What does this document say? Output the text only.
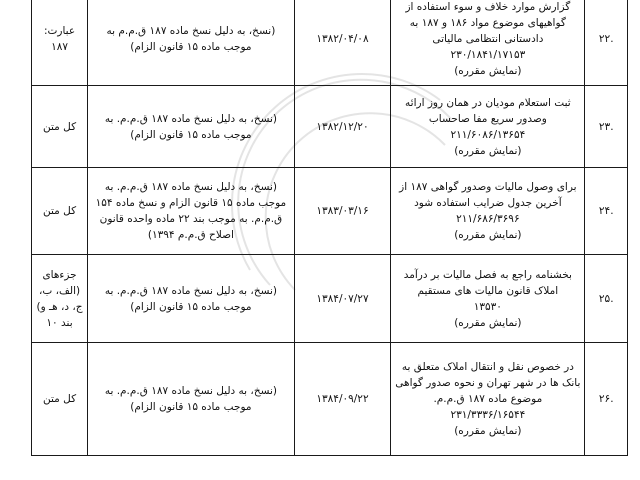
.۲۲	گزارش موارد خلاف و سوء استفاده از
گواهیهای موضوع مواد ۱۸۶ و ۱۸۷ به
دادستانی انتظامی مالیاتی
۲۳۰/۱۸۴۱/۱۷۱۵۳
(نمایش مقرره)	۱۳۸۲/۰۴/۰۸	(نسخ، به دلیل نسخ ماده ۱۸۷ ق.م.م به موجب ماده ۱۵ قانون الزام)	عبارت: ۱۸۷
.۲۳	ثبت استعلام مودیان در همان روز ارائه
وصدور سریع مفا صاحساب
۲۱۱/۶۰۸۶/۱۳۶۵۴
(نمایش مقرره)	۱۳۸۲/۱۲/۲۰	(نسخ، به دلیل نسخ ماده ۱۸۷ ق.م.م. به موجب ماده ۱۵ قانون الزام)	کل متن
.۲۴	برای وصول مالیات وصدور گواهی ۱۸۷ از
آخرین جدول ضرایب استفاده شود
۲۱۱/۶۸۶/۳۶۹۶
(نمایش مقرره)	۱۳۸۳/۰۳/۱۶	(نسخ، به دلیل نسخ ماده ۱۸۷ ق.م.م. به موجب ماده ۱۵ قانون الزام و نسخ ماده ۱۵۴ ق.م.م. به موجب بند ۲۲ ماده واحده قانون اصلاح ق.م.م ۱۳۹۴)	کل متن
.۲۵	بخشنامه راجع به فصل مالیات بر درآمد
املاک قانون مالیات های مستقیم
۱۳۵۳۰
(نمایش مقرره)	۱۳۸۴/۰۷/۲۷	(نسخ، به دلیل نسخ ماده ۱۸۷ ق.م.م. به موجب ماده ۱۵ قانون الزام)	جزءهای (الف، ب، ج، د، هـ و) بند ۱۰
.۲۶	در خصوص نقل و انتقال املاک متعلق به
بانک ها در شهر تهران و نحوه صدور گواهی
موضوع ماده ۱۸۷ ق.م.م.
۲۳۱/۳۳۳۶/۱۶۵۴۴
(نمایش مقرره)	۱۳۸۴/۰۹/۲۲	(نسخ، به دلیل نسخ ماده ۱۸۷ ق.م.م. به موجب ماده ۱۵ قانون الزام)	کل متن
